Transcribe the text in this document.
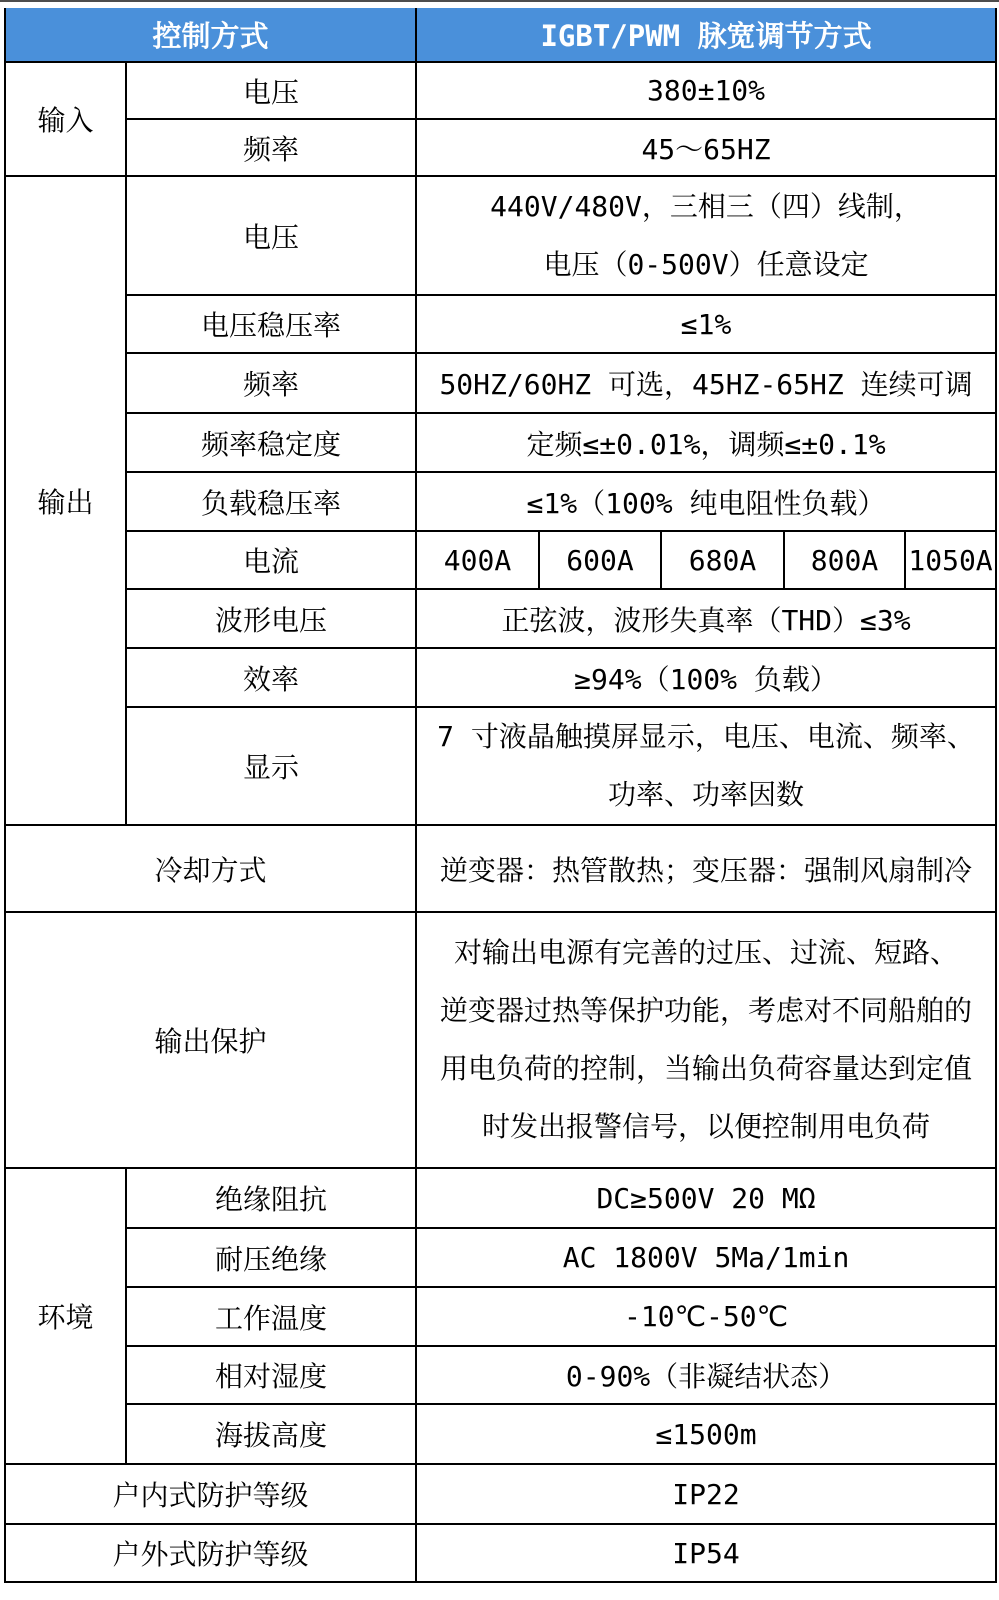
控制方式		IGBT/PWM 脉宽调节方式				
输入	电压	380±10%				
	频率	45～65HZ				
输出	电压	440V/480V，三相三（四）线制，
电压（0-500V）任意设定				

	电压稳压率	≤1%				
	频率	50HZ/60HZ 可选，45HZ-65HZ 连续可调				
	频率稳定度	定频≤±0.01%，调频≤±0.1%				
	负载稳压率	≤1%（100% 纯电阻性负载）				
	电流	400A	600A	680A	800A	1050A
	波形电压	正弦波，波形失真率（THD）≤3%				
	效率	≥94%（100% 负载）				
	显示	7 寸液晶触摸屏显示，电压、电流、频率、
功率、功率因数				

冷却方式		逆变器：热管散热；变压器：强制风扇制冷				
输出保护		对输出电源有完善的过压、过流、短路、
逆变器过热等保护功能，考虑对不同船舶的
用电负荷的控制，当输出负荷容量达到定值
时发出报警信号，以便控制用电负荷				

环境	绝缘阻抗	DC≥500V 20 MΩ				
	耐压绝缘	AC 1800V 5Ma/1min				
	工作温度	-10℃-50℃				
	相对湿度	0-90%（非凝结状态）				
	海拔高度	≤1500m				
户内式防护等级		IP22				
户外式防护等级		IP54				
